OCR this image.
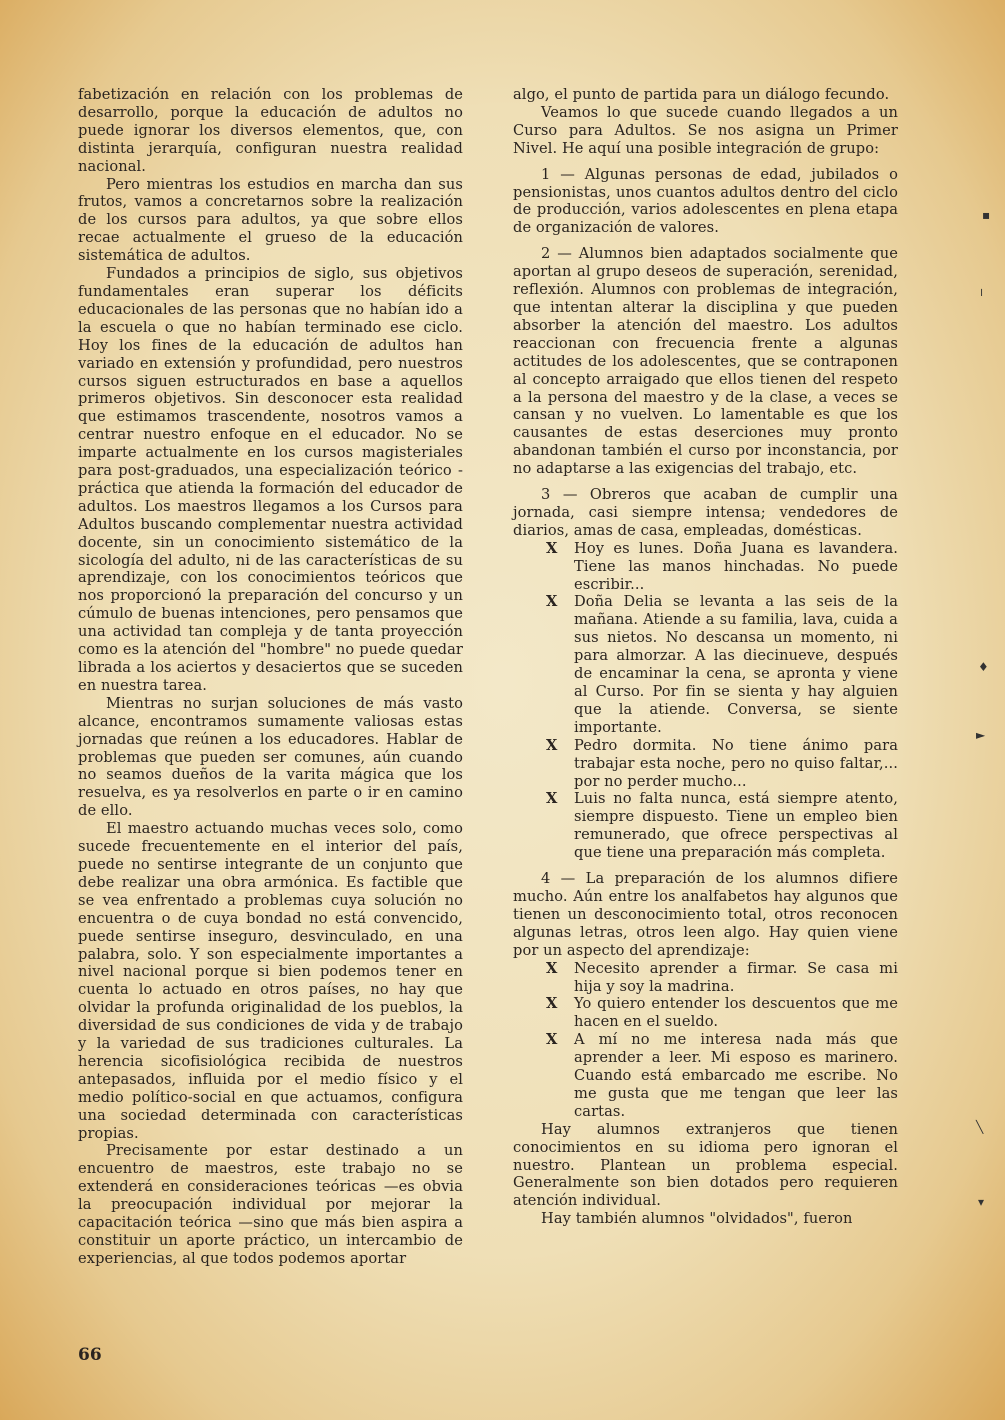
fabetización en relación con los problemas de desarrollo, porque la educación de adultos no puede ignorar los diversos elementos, que, con distinta jerarquía, configuran nuestra realidad nacional.

Pero mientras los estudios en marcha dan sus frutos, vamos a concretarnos sobre la realización de los cursos para adultos, ya que sobre ellos recae actualmente el grueso de la educación sistemática de adultos.

Fundados a principios de siglo, sus objetivos fundamentales eran superar los déficits educacionales de las personas que no habían ido a la escuela o que no habían terminado ese ciclo. Hoy los fines de la educación de adultos han variado en extensión y profundidad, pero nuestros cursos siguen estructurados en base a aquellos primeros objetivos. Sin desconocer esta realidad que estimamos trascendente, nosotros vamos a centrar nuestro enfoque en el educador. No se imparte actualmente en los cursos magisteriales para post-graduados, una especialización teórico - práctica que atienda la formación del educador de adultos. Los maestros llegamos a los Cursos para Adultos buscando complementar nuestra actividad docente, sin un conocimiento sistemático de la sicología del adulto, ni de las características de su aprendizaje, con los conocimientos teóricos que nos proporcionó la preparación del concurso y un cúmulo de buenas intenciones, pero pensamos que una actividad tan compleja y de tanta proyección como es la atención del "hombre" no puede quedar librada a los aciertos y desaciertos que se suceden en nuestra tarea.

Mientras no surjan soluciones de más vasto alcance, encontramos sumamente valiosas estas jornadas que reúnen a los educadores. Hablar de problemas que pueden ser comunes, aún cuando no seamos dueños de la varita mágica que los resuelva, es ya resolverlos en parte o ir en camino de ello.

El maestro actuando muchas veces solo, como sucede frecuentemente en el interior del país, puede no sentirse integrante de un conjunto que debe realizar una obra armónica. Es factible que se vea enfrentado a problemas cuya solución no encuentra o de cuya bondad no está convencido, puede sentirse inseguro, desvinculado, en una palabra, solo. Y son especialmente importantes a nivel nacional porque si bien podemos tener en cuenta lo actuado en otros países, no hay que olvidar la profunda originalidad de los pueblos, la diversidad de sus condiciones de vida y de trabajo y la variedad de sus tradiciones culturales. La herencia sicofisiológica recibida de nuestros antepasados, influida por el medio físico y el medio político-social en que actuamos, configura una sociedad determinada con características propias.

Precisamente por estar destinado a un encuentro de maestros, este trabajo no se extenderá en consideraciones teóricas —es obvia la preocupación individual por mejorar la capacitación teórica —sino que más bien aspira a constituir un aporte práctico, un intercambio de experiencias, al que todos podemos aportar

algo, el punto de partida para un diálogo fecundo.

Veamos lo que sucede cuando llegados a un Curso para Adultos. Se nos asigna un Primer Nivel. He aquí una posible integración de grupo:

1 — Algunas personas de edad, jubilados o pensionistas, unos cuantos adultos dentro del ciclo de producción, varios adolescentes en plena etapa de organización de valores.

2 — Alumnos bien adaptados socialmente que aportan al grupo deseos de superación, serenidad, reflexión. Alumnos con problemas de integración, que intentan alterar la disciplina y que pueden absorber la atención del maestro. Los adultos reaccionan con frecuencia frente a algunas actitudes de los adolescentes, que se contraponen al concepto arraigado que ellos tienen del respeto a la persona del maestro y de la clase, a veces se cansan y no vuelven. Lo lamentable es que los causantes de estas deserciones muy pronto abandonan también el curso por inconstancia, por no adaptarse a las exigencias del trabajo, etc.

3 — Obreros que acaban de cumplir una jornada, casi siempre intensa; vendedores de diarios, amas de casa, empleadas, domésticas.

X	Hoy es lunes. Doña Juana es lavandera. Tiene las manos hinchadas. No puede escribir...
X	Doña Delia se levanta a las seis de la mañana. Atiende a su familia, lava, cuida a sus nietos. No descansa un momento, ni para almorzar. A las diecinueve, después de encaminar la cena, se apronta y viene al Curso. Por fin se sienta y hay alguien que la atiende. Conversa, se siente importante.
X	Pedro dormita. No tiene ánimo para trabajar esta noche, pero no quiso faltar,... por no perder mucho...
X	Luis no falta nunca, está siempre atento, siempre dispuesto. Tiene un empleo bien remunerado, que ofrece perspectivas al que tiene una preparación más completa.

4 — La preparación de los alumnos difiere mucho. Aún entre los analfabetos hay algunos que tienen un desconocimiento total, otros reconocen algunas letras, otros leen algo. Hay quien viene por un aspecto del aprendizaje:

X	Necesito aprender a firmar. Se casa mi hija y soy la madrina.
X	Yo quiero entender los descuentos que me hacen en el sueldo.
X	A mí no me interesa nada más que aprender a leer. Mi esposo es marinero. Cuando está embarcado me escribe. No me gusta que me tengan que leer las cartas.

Hay alumnos extranjeros que tienen conocimientos en su idioma pero ignoran el nuestro. Plantean un problema especial. Generalmente son bien dotados pero requieren atención individual.

Hay también alumnos "olvidados", fueron

66
▪
╷
♦
►
╲
▾
